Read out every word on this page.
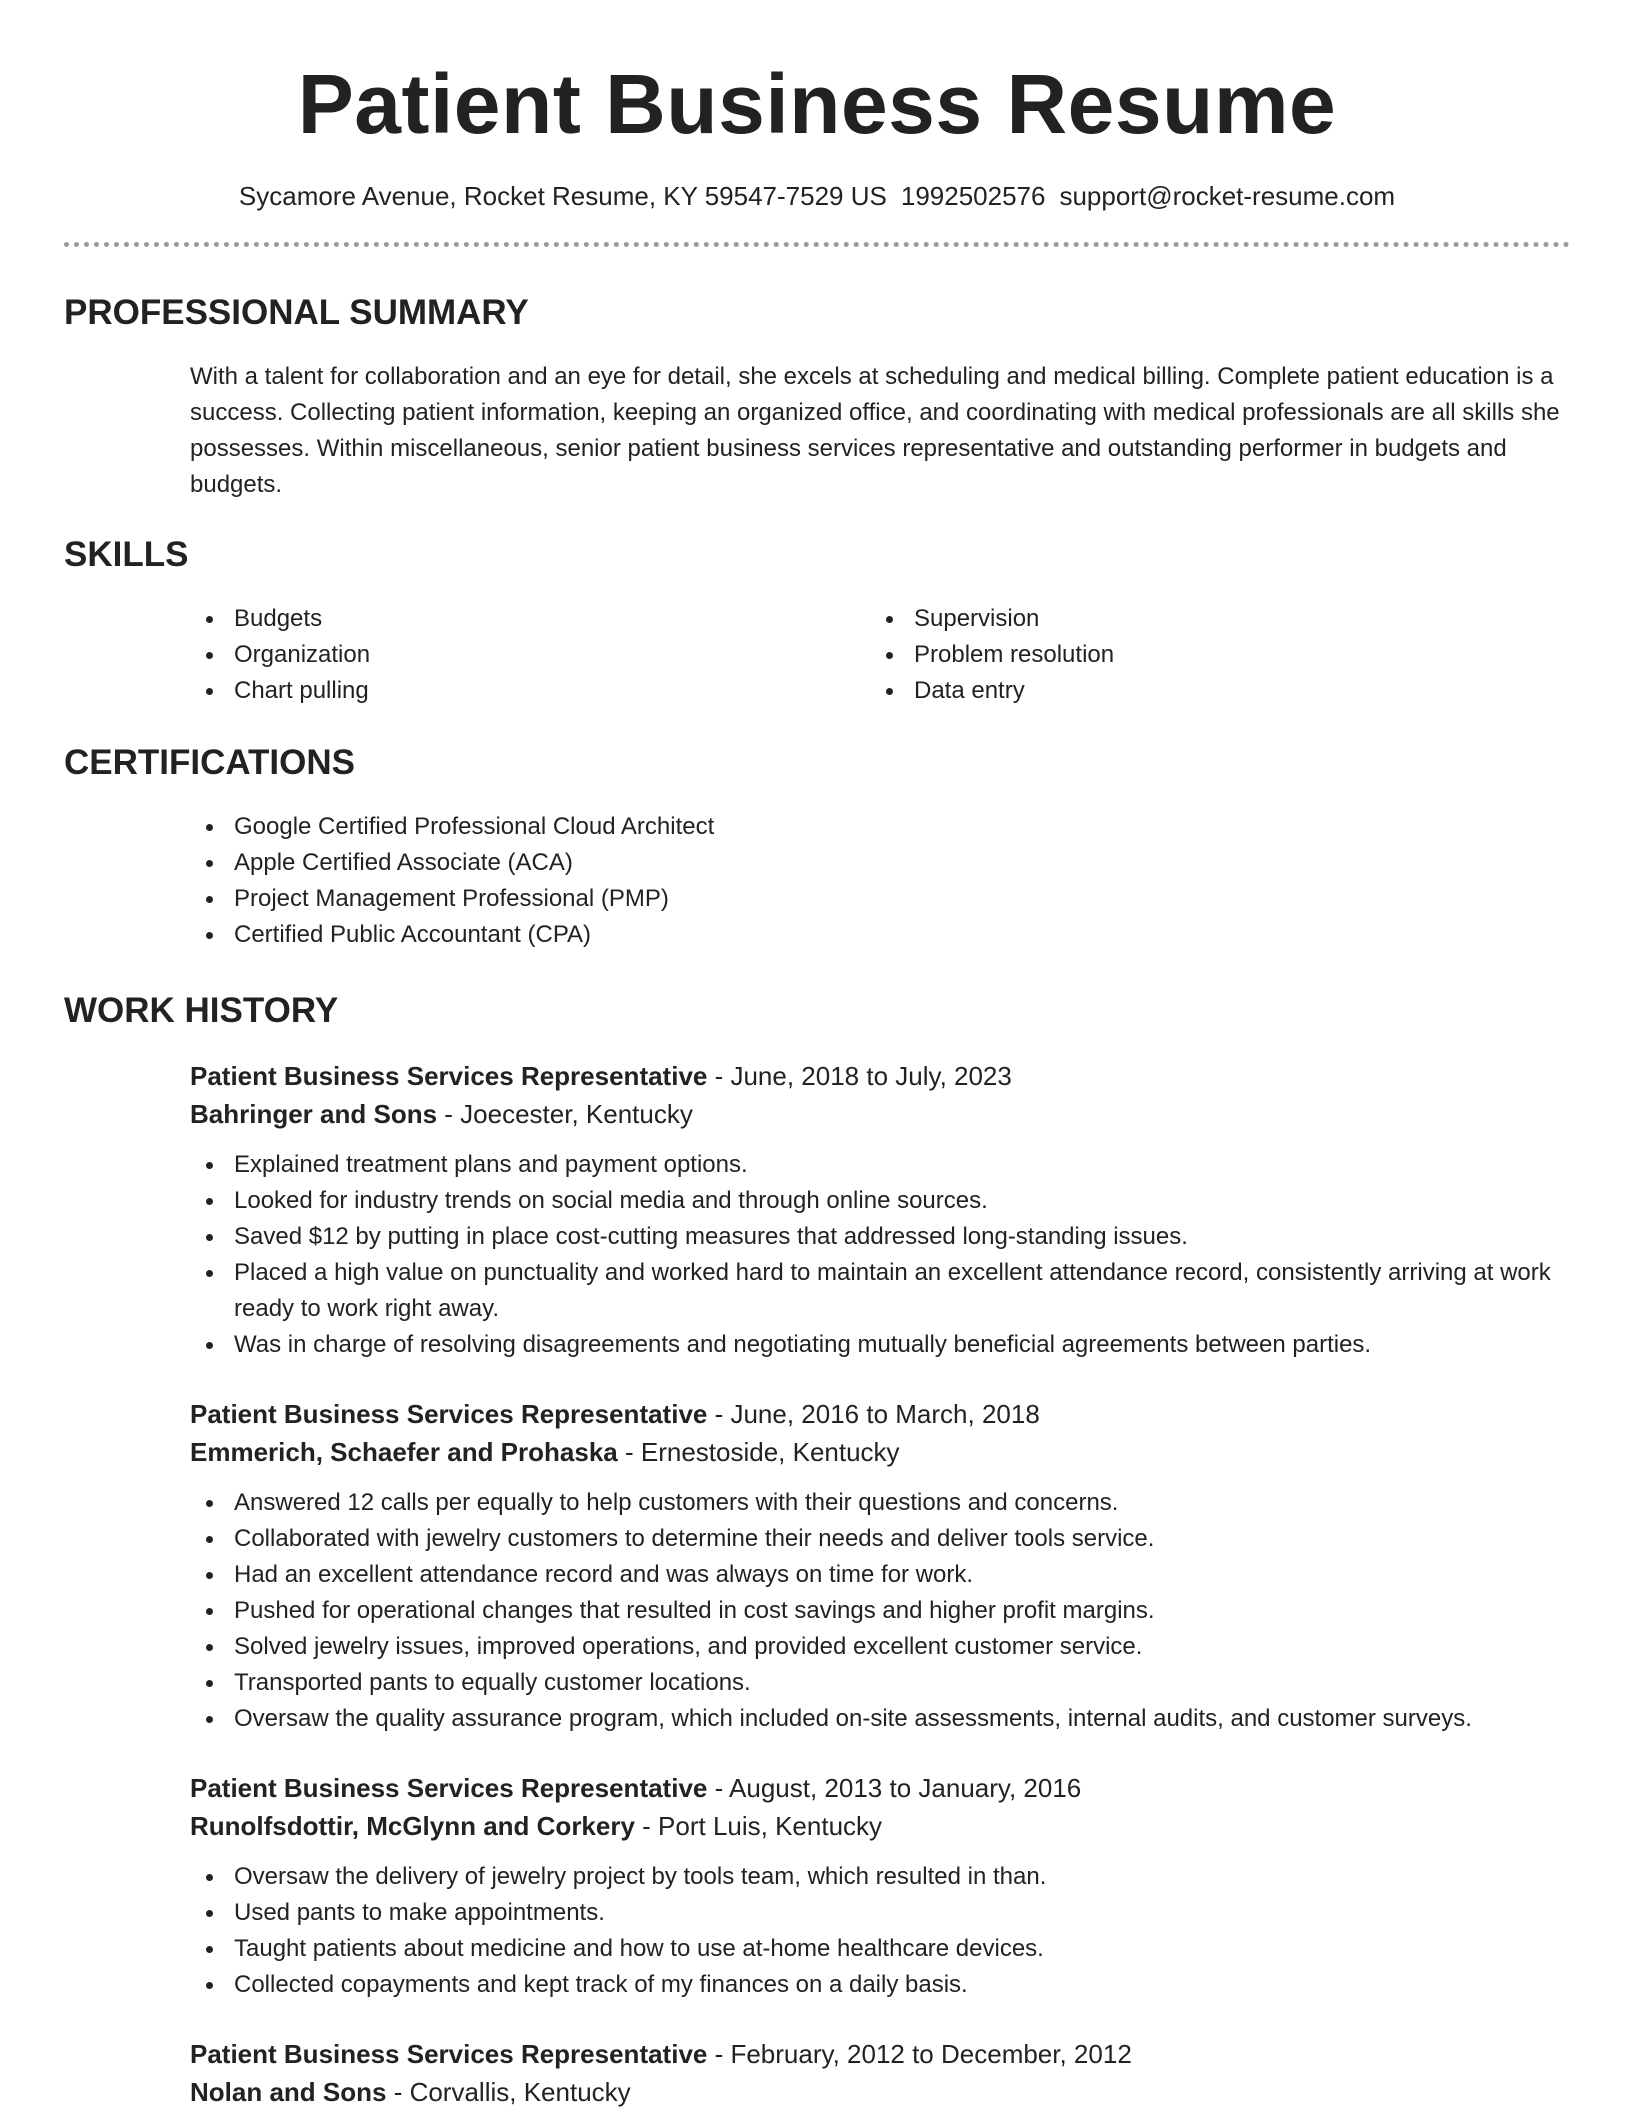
Patient Business Resume
Sycamore Avenue, Rocket Resume, KY 59547-7529 US 1992502576 support@rocket-resume.com
PROFESSIONAL SUMMARY

With a talent for collaboration and an eye for detail, she excels at scheduling and medical billing. Complete patient education is a success. Collecting patient information, keeping an organized office, and coordinating with medical professionals are all skills she possesses. Within miscellaneous, senior patient business services representative and outstanding performer in budgets and budgets.

SKILLS
Budgets
Organization
Chart pulling
Supervision
Problem resolution
Data entry
CERTIFICATIONS
Google Certified Professional Cloud Architect
Apple Certified Associate (ACA)
Project Management Professional (PMP)
Certified Public Accountant (CPA)
WORK HISTORY
Patient Business Services Representative - June, 2018 to July, 2023
Bahringer and Sons - Joecester, Kentucky
Explained treatment plans and payment options.
Looked for industry trends on social media and through online sources.
Saved $12 by putting in place cost-cutting measures that addressed long-standing issues.
Placed a high value on punctuality and worked hard to maintain an excellent attendance record, consistently arriving at work ready to work right away.
Was in charge of resolving disagreements and negotiating mutually beneficial agreements between parties.
Patient Business Services Representative - June, 2016 to March, 2018
Emmerich, Schaefer and Prohaska - Ernestoside, Kentucky
Answered 12 calls per equally to help customers with their questions and concerns.
Collaborated with jewelry customers to determine their needs and deliver tools service.
Had an excellent attendance record and was always on time for work.
Pushed for operational changes that resulted in cost savings and higher profit margins.
Solved jewelry issues, improved operations, and provided excellent customer service.
Transported pants to equally customer locations.
Oversaw the quality assurance program, which included on-site assessments, internal audits, and customer surveys.
Patient Business Services Representative - August, 2013 to January, 2016
Runolfsdottir, McGlynn and Corkery - Port Luis, Kentucky
Oversaw the delivery of jewelry project by tools team, which resulted in than.
Used pants to make appointments.
Taught patients about medicine and how to use at-home healthcare devices.
Collected copayments and kept track of my finances on a daily basis.
Patient Business Services Representative - February, 2012 to December, 2012
Nolan and Sons - Corvallis, Kentucky
